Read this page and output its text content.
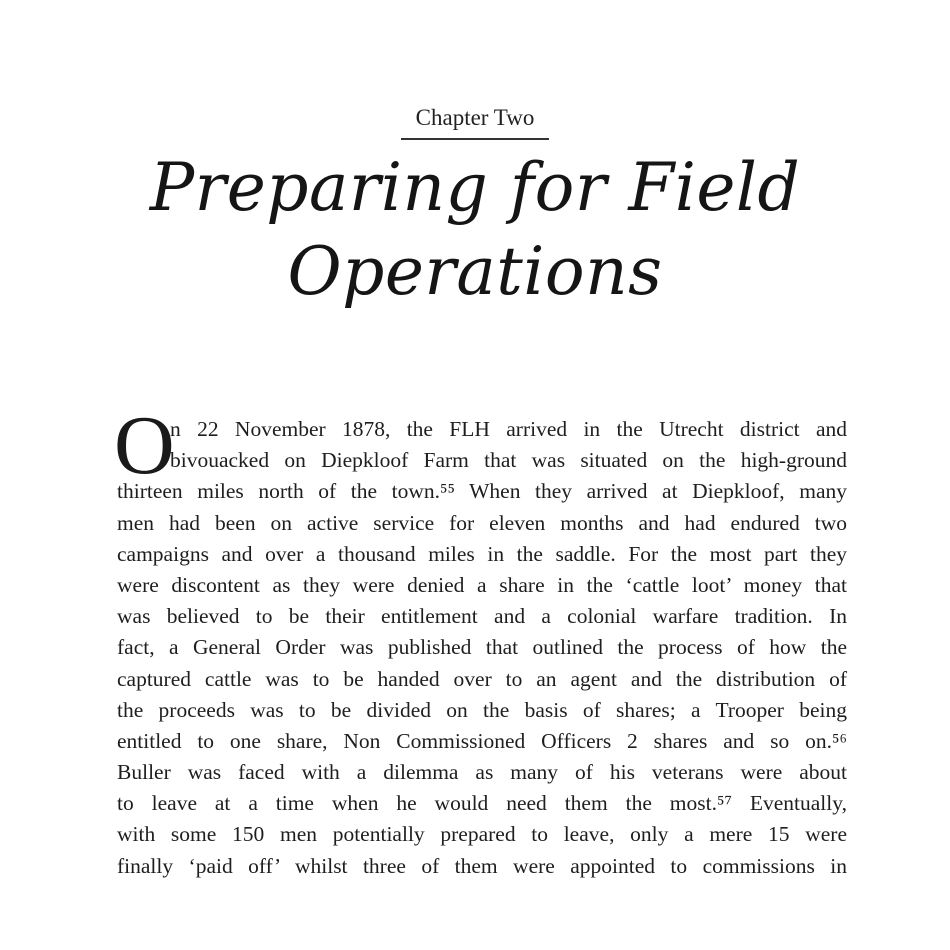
Chapter Two
Preparing for Field
Operations
O
n 22 November 1878, the FLH arrived in the Utrecht district and
bivouacked on Diepkloof Farm that was situated on the high-ground
thirteen miles north of the town.⁵⁵ When they arrived at Diepkloof, many
men had been on active service for eleven months and had endured two
campaigns and over a thousand miles in the saddle. For the most part they
were discontent as they were denied a share in the ‘cattle loot’ money that
was believed to be their entitlement and a colonial warfare tradition. In
fact, a General Order was published that outlined the process of how the
captured cattle was to be handed over to an agent and the distribution of
the proceeds was to be divided on the basis of shares; a Trooper being
entitled to one share, Non Commissioned Officers 2 shares and so on.⁵⁶
Buller was faced with a dilemma as many of his veterans were about
to leave at a time when he would need them the most.⁵⁷ Eventually,
with some 150 men potentially prepared to leave, only a mere 15 were
finally ‘paid off’ whilst three of them were appointed to commissions in
